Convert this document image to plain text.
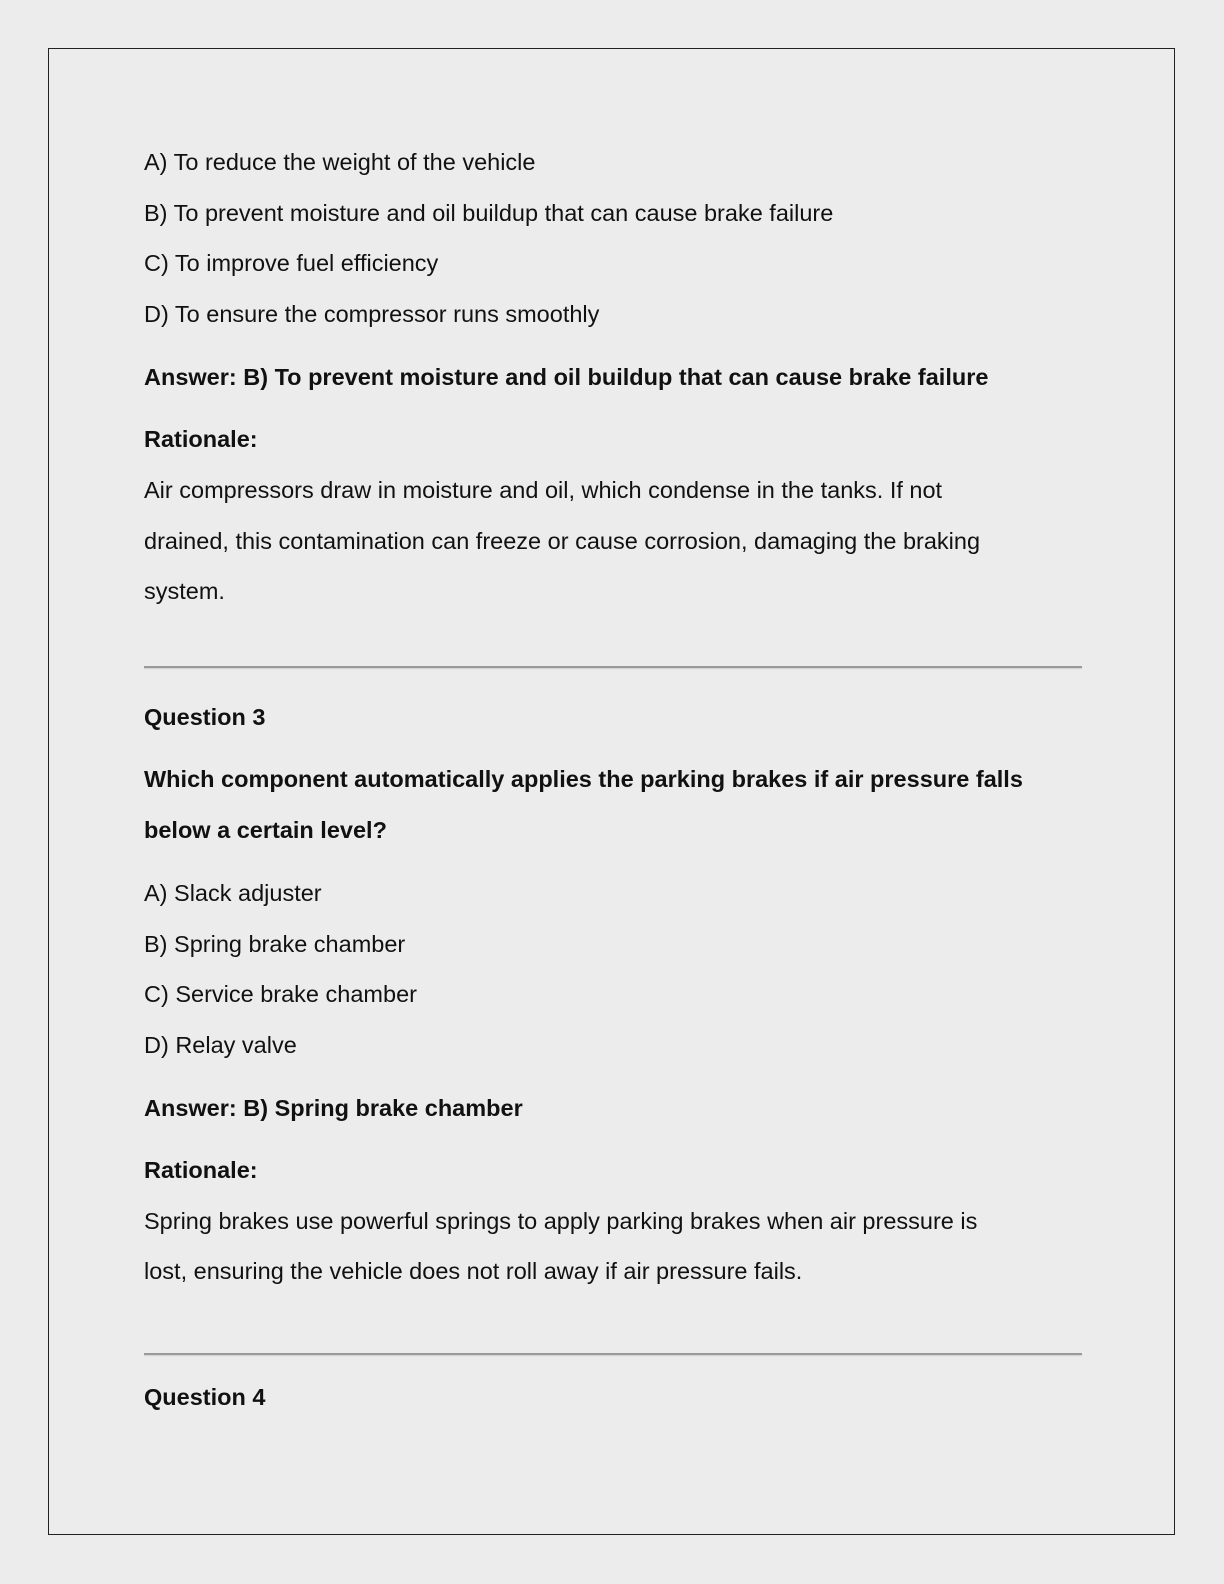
A) To reduce the weight of the vehicle
B) To prevent moisture and oil buildup that can cause brake failure
C) To improve fuel efficiency
D) To ensure the compressor runs smoothly
Answer: B) To prevent moisture and oil buildup that can cause brake failure
Rationale:
Air compressors draw in moisture and oil, which condense in the tanks. If not
drained, this contamination can freeze or cause corrosion, damaging the braking
system.
Question 3
Which component automatically applies the parking brakes if air pressure falls
below a certain level?
A) Slack adjuster
B) Spring brake chamber
C) Service brake chamber
D) Relay valve
Answer: B) Spring brake chamber
Rationale:
Spring brakes use powerful springs to apply parking brakes when air pressure is
lost, ensuring the vehicle does not roll away if air pressure fails.
Question 4
